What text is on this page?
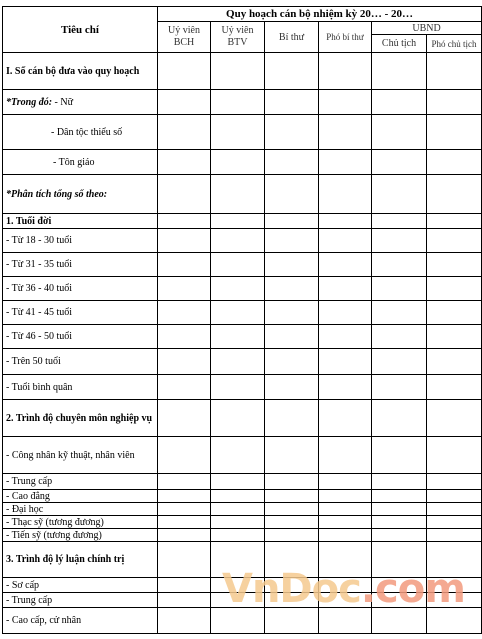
Tiêu chí	Quy hoạch cán bộ nhiệm kỳ 20… - 20…					
	Uỷ viên BCH	Uỷ viên BTV	Bí thư	Phó bí thư	UBND	
					Chủ tịch	Phó chủ tịch
I. Số cán bộ đưa vào quy hoạch						
*Trong đó: - Nữ						
- Dân tộc thiểu số						
- Tôn giáo						
*Phân tích tổng số theo:						
1. Tuổi đời						
- Từ 18 - 30 tuổi						
- Từ 31 - 35 tuổi						
- Từ 36 - 40 tuổi						
- Từ 41 - 45 tuổi						
- Từ 46 - 50 tuổi						
- Trên 50 tuổi						
- Tuổi bình quân						
2. Trình độ chuyên môn nghiệp vụ						
- Công nhân kỹ thuật, nhân viên						
- Trung cấp						
- Cao đẳng						
- Đại học						
- Thạc sỹ (tương đương)						
- Tiến sỹ (tương đương)						
3. Trình độ lý luận chính trị						
- Sơ cấp						
- Trung cấp						
- Cao cấp, cử nhân						
VnDoc.com
